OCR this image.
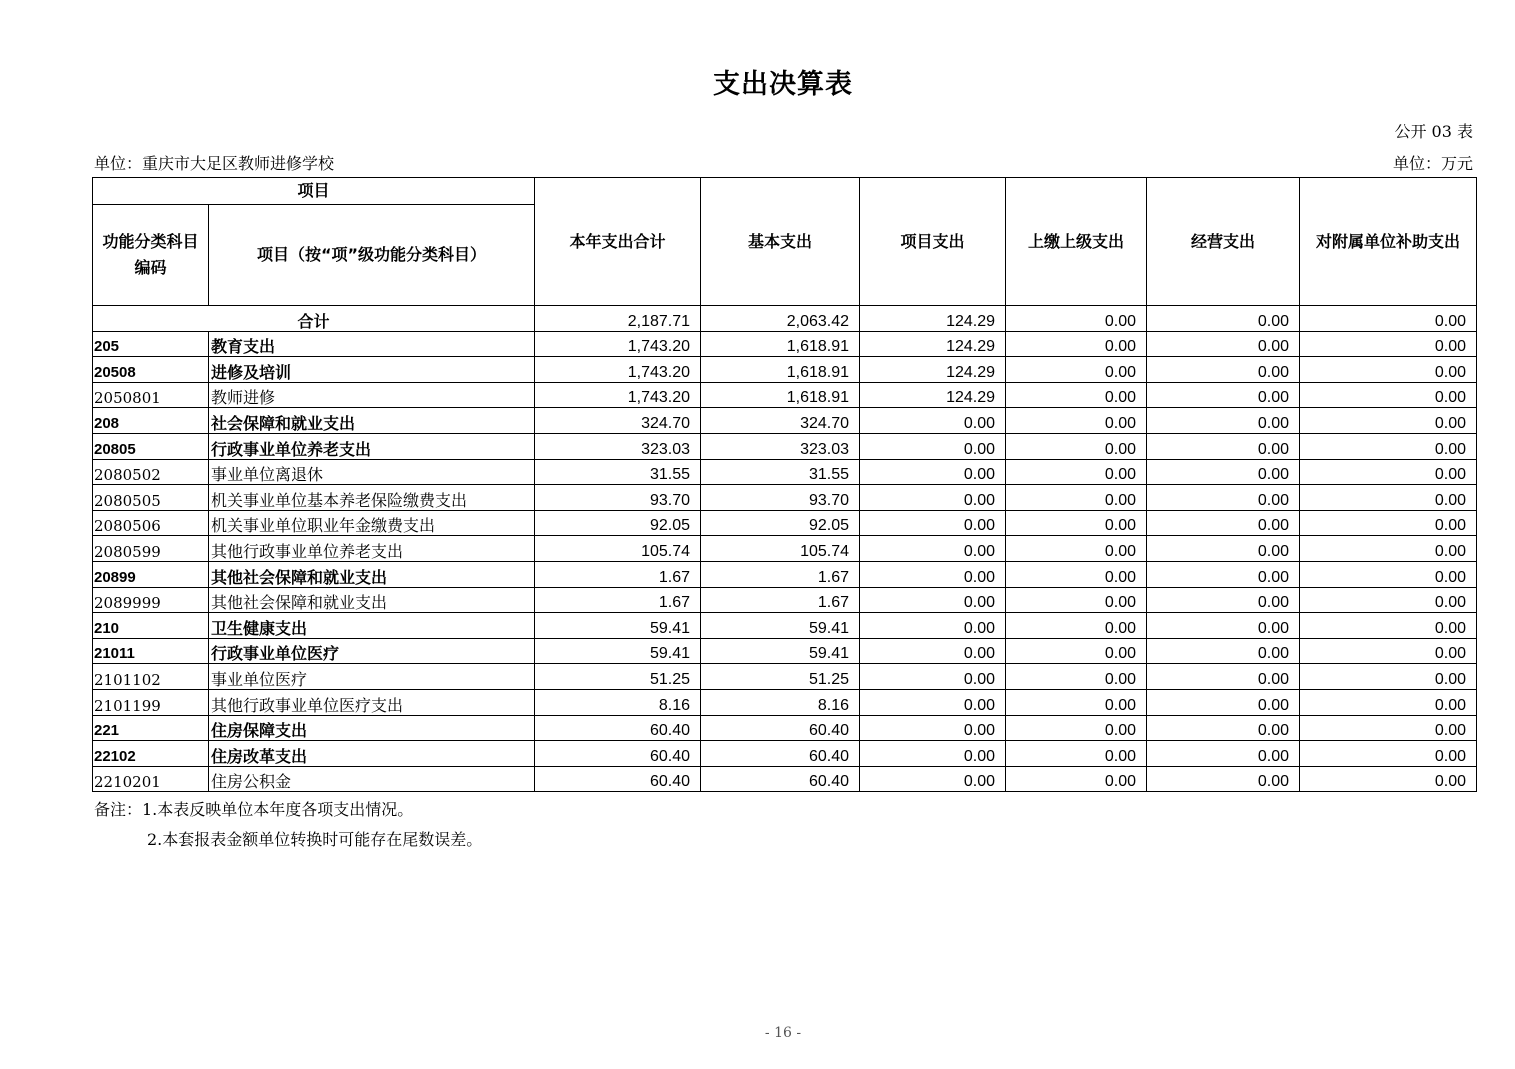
支出决算表
公开 03 表
单位：重庆市大足区教师进修学校	单位：万元
项目		本年支出合计	基本支出	项目支出	上缴上级支出	经营支出	对附属单位补助支出
功能分类科目编码	项目（按“项”级功能分类科目）						
合计		2,187.71	2,063.42	124.29	0.00	0.00	0.00
205	教育支出	1,743.20	1,618.91	124.29	0.00	0.00	0.00
20508	进修及培训	1,743.20	1,618.91	124.29	0.00	0.00	0.00
2050801	教师进修	1,743.20	1,618.91	124.29	0.00	0.00	0.00
208	社会保障和就业支出	324.70	324.70	0.00	0.00	0.00	0.00
20805	行政事业单位养老支出	323.03	323.03	0.00	0.00	0.00	0.00
2080502	事业单位离退休	31.55	31.55	0.00	0.00	0.00	0.00
2080505	机关事业单位基本养老保险缴费支出	93.70	93.70	0.00	0.00	0.00	0.00
2080506	机关事业单位职业年金缴费支出	92.05	92.05	0.00	0.00	0.00	0.00
2080599	其他行政事业单位养老支出	105.74	105.74	0.00	0.00	0.00	0.00
20899	其他社会保障和就业支出	1.67	1.67	0.00	0.00	0.00	0.00
2089999	其他社会保障和就业支出	1.67	1.67	0.00	0.00	0.00	0.00
210	卫生健康支出	59.41	59.41	0.00	0.00	0.00	0.00
21011	行政事业单位医疗	59.41	59.41	0.00	0.00	0.00	0.00
2101102	事业单位医疗	51.25	51.25	0.00	0.00	0.00	0.00
2101199	其他行政事业单位医疗支出	8.16	8.16	0.00	0.00	0.00	0.00
221	住房保障支出	60.40	60.40	0.00	0.00	0.00	0.00
22102	住房改革支出	60.40	60.40	0.00	0.00	0.00	0.00
2210201	住房公积金	60.40	60.40	0.00	0.00	0.00	0.00
备注：1.本表反映单位本年度各项支出情况。
2.本套报表金额单位转换时可能存在尾数误差。
- 16 -
